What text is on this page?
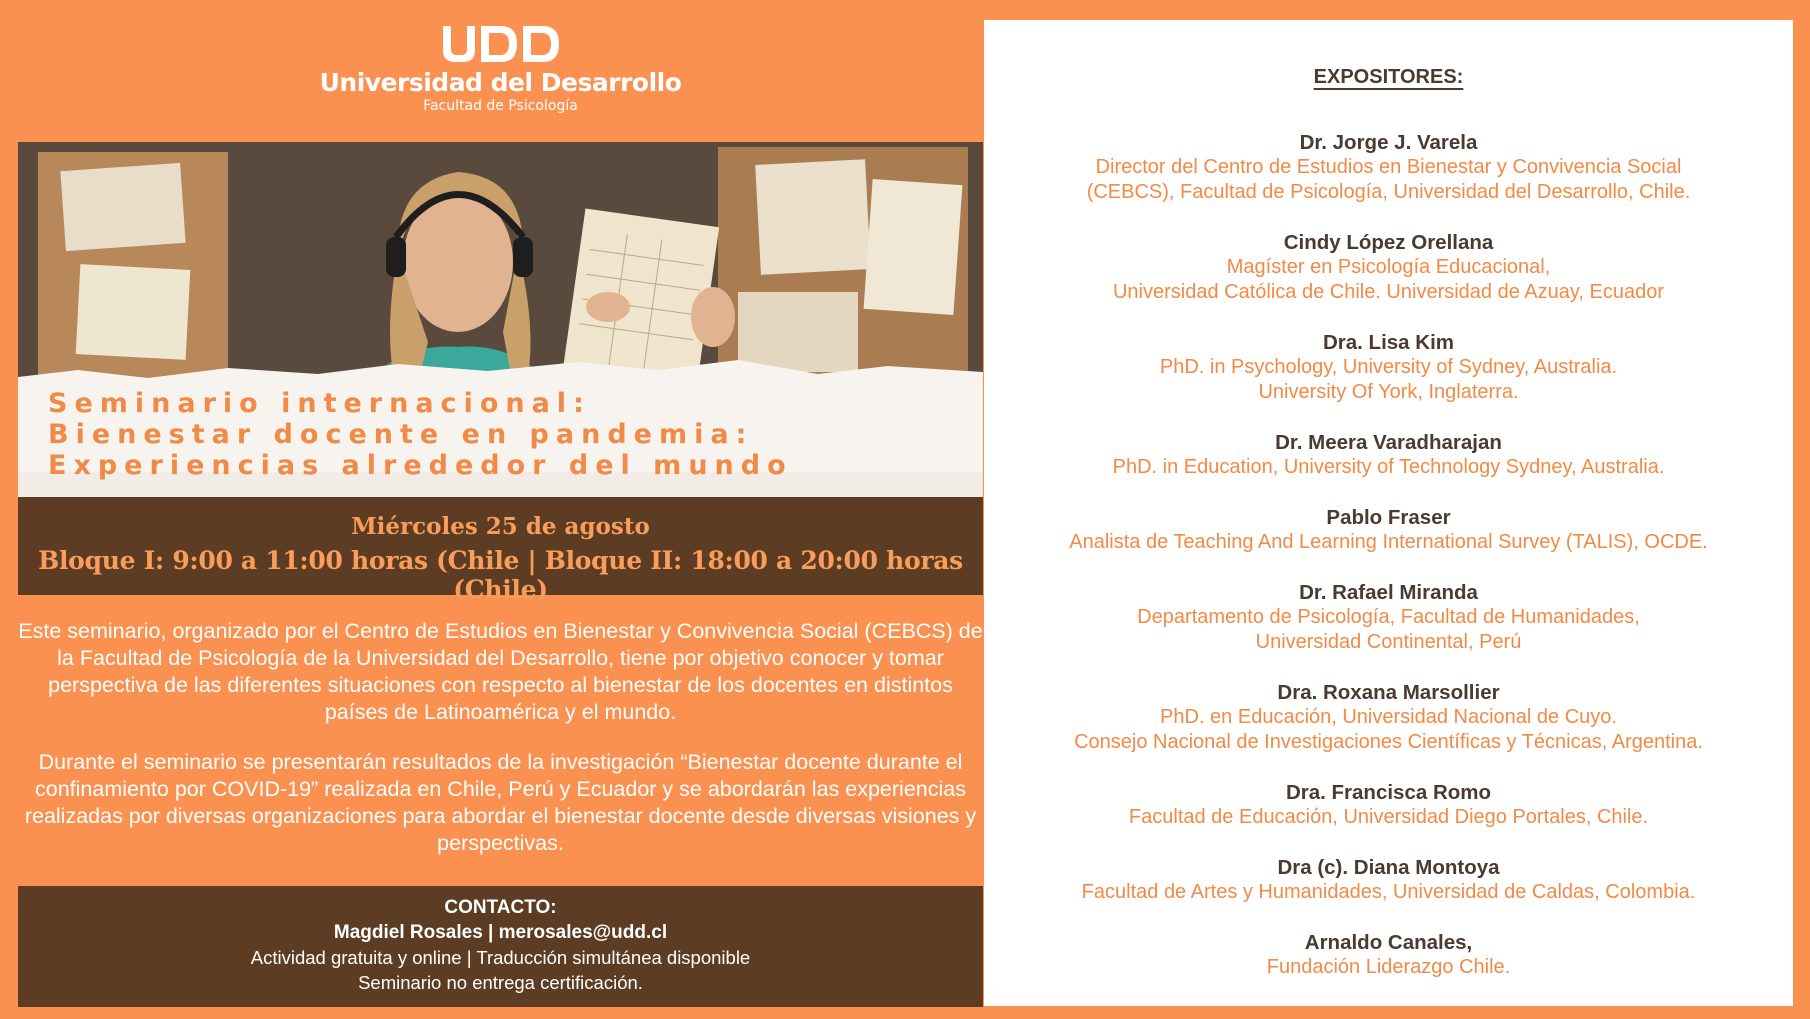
Universidad del Desarrollo
Facultad de Psicología
Seminario internacional:
Bienestar docente en pandemia:
Experiencias alrededor del mundo
Miércoles 25 de agosto
Bloque I: 9:00 a 11:00 horas (Chile | Bloque II: 18:00 a 20:00 horas (Chile)

Este seminario, organizado por el Centro de Estudios en Bienestar y Convivencia Social (CEBCS) de la Facultad de Psicología de la Universidad del Desarrollo, tiene por objetivo conocer y tomar perspectiva de las diferentes situaciones con respecto al bienestar de los docentes en distintos países de Latinoamérica y el mundo.

Durante el seminario se presentarán resultados de la investigación “Bienestar docente durante el confinamiento por COVID-19” realizada en Chile, Perú y Ecuador y se abordarán las experiencias realizadas por diversas organizaciones para abordar el bienestar docente desde diversas visiones y perspectivas.

CONTACTO:
Magdiel Rosales | merosales@udd.cl
Actividad gratuita y online | Traducción simultánea disponible
Seminario no entrega certificación.
EXPOSITORES:
Dr. Jorge J. Varela
Director del Centro de Estudios en Bienestar y Convivencia Social
(CEBCS), Facultad de Psicología, Universidad del Desarrollo, Chile.
Cindy López Orellana
Magíster en Psicología Educacional,
Universidad Católica de Chile. Universidad de Azuay, Ecuador
Dra. Lisa Kim
PhD. in Psychology, University of Sydney, Australia.
University Of York, Inglaterra.
Dr. Meera Varadharajan
PhD. in Education, University of Technology Sydney, Australia.
Pablo Fraser
Analista de Teaching And Learning International Survey (TALIS), OCDE.
Dr. Rafael Miranda
Departamento de Psicología, Facultad de Humanidades,
Universidad Continental, Perú
Dra. Roxana Marsollier
PhD. en Educación, Universidad Nacional de Cuyo.
Consejo Nacional de Investigaciones Científicas y Técnicas, Argentina.
Dra. Francisca Romo
Facultad de Educación, Universidad Diego Portales, Chile.
Dra (c). Diana Montoya
Facultad de Artes y Humanidades, Universidad de Caldas, Colombia.
Arnaldo Canales,
Fundación Liderazgo Chile.
